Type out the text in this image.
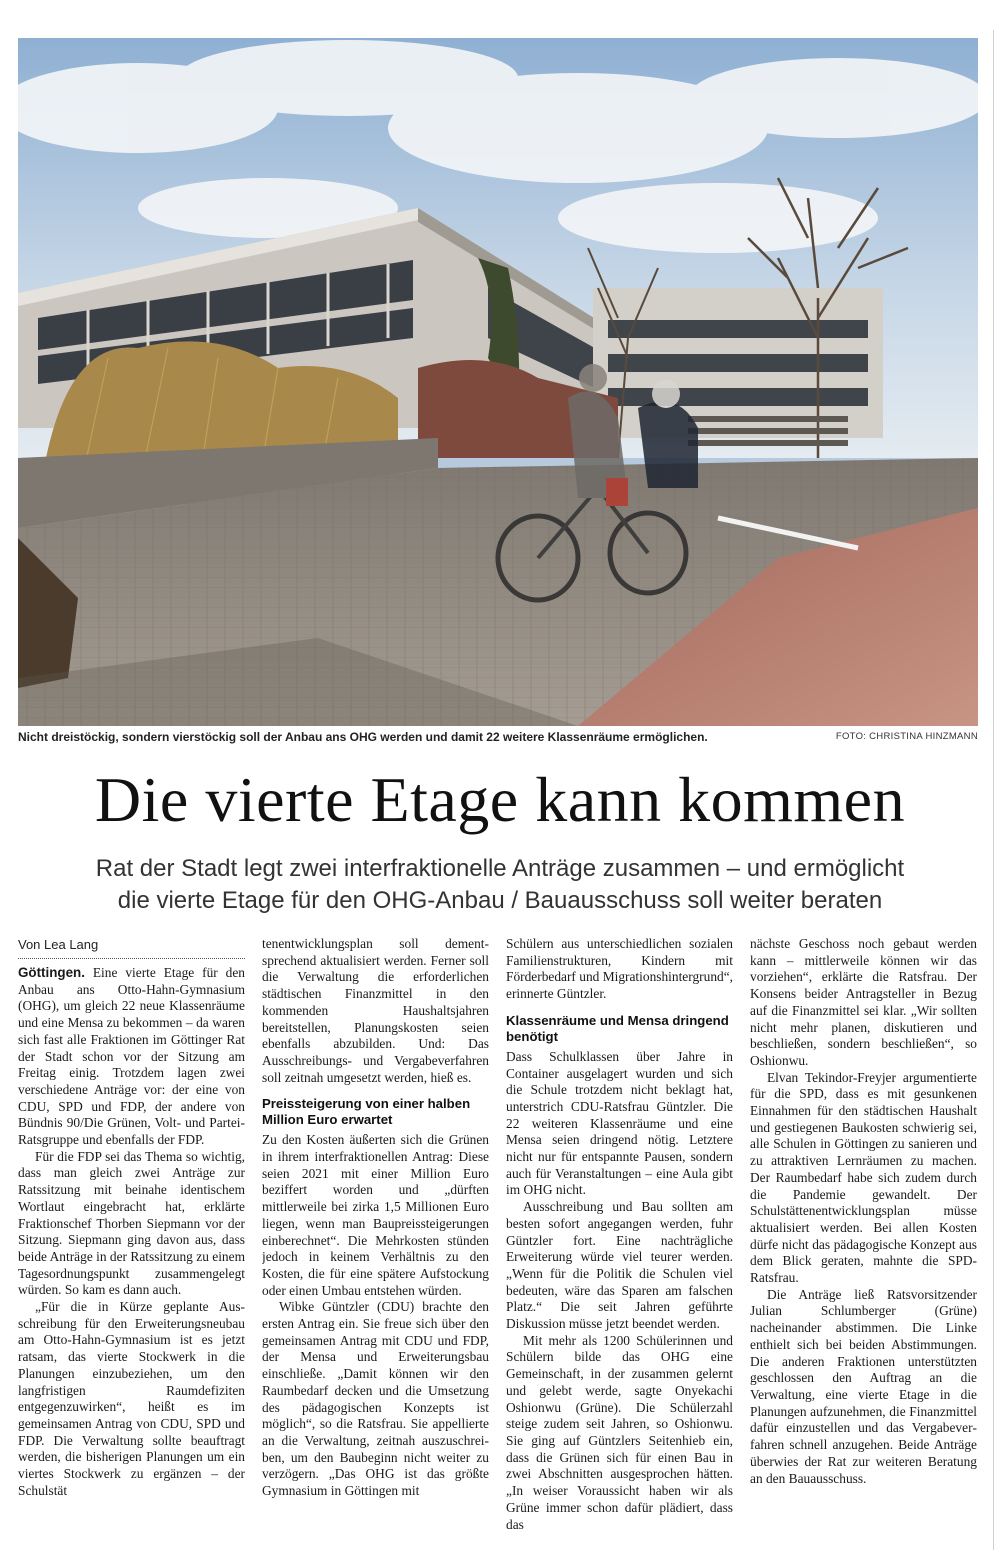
Nicht dreistöckig, sondern vierstöckig soll der Anbau ans OHG werden und damit 22 weitere Klassenräume ermöglichen.	FOTO: CHRISTINA HINZMANN
Die vierte Etage kann kommen
Rat der Stadt legt zwei interfraktionelle Anträge zusammen – und ermöglicht
die vierte Etage für den OHG-Anbau / Bauausschuss soll weiter beraten
Von Lea Lang

Göttingen. Eine vierte Etage für den Anbau ans Otto-Hahn-Gymnasium (OHG), um gleich 22 neue Klassenräume und eine Mensa zu bekommen – da waren sich fast alle Fraktionen im Göttinger Rat der Stadt schon vor der Sitzung am Freitag einig. Trotzdem lagen zwei verschiedene Anträge vor: der eine von CDU, SPD und FDP, der andere von Bündnis 90/Die Grünen, Volt- und Partei-Ratsgruppe und ebenfalls der FDP.

Für die FDP sei das Thema so wichtig, dass man gleich zwei Anträge zur Ratssitzung mit beinahe identischem Wortlaut eingebracht hat, erklärte Fraktionschef Thorben Siepmann vor der Sitzung. Siepmann ging davon aus, dass beide Anträge in der Ratssitzung zu einem Tagesordnungspunkt zusammengelegt würden. So kam es dann auch.

„Für die in Kürze geplante Ausschreibung für den Erweiterungsneubau am Otto-Hahn-Gymnasium ist es jetzt ratsam, das vierte Stockwerk in die Planungen einzubeziehen, um den langfristigen Raumdefiziten entgegenzuwirken“, heißt es im gemeinsamen Antrag von CDU, SPD und FDP. Die Verwaltung sollte beauftragt werden, die bisherigen Planungen um ein viertes Stockwerk zu ergänzen – der Schulstät

tenentwicklungsplan soll dementsprechend aktualisiert werden. Ferner soll die Verwaltung die erforderlichen städtischen Finanzmittel in den kommenden Haushaltsjahren bereitstellen, Planungskosten seien ebenfalls abzubilden. Und: Das Ausschreibungs- und Vergabeverfahren soll zeitnah umgesetzt werden, hieß es.

Preissteigerung von einer halben Million Euro erwartet

Zu den Kosten äußerten sich die Grünen in ihrem interfraktionellen Antrag: Diese seien 2021 mit einer Million Euro beziffert worden und „dürften mittlerweile bei zirka 1,5 Millionen Euro liegen, wenn man Baupreissteigerungen einberechnet“. Die Mehrkosten stünden jedoch in keinem Verhältnis zu den Kosten, die für eine spätere Aufstockung oder einen Umbau entstehen würden.

Wibke Güntzler (CDU) brachte den ersten Antrag ein. Sie freue sich über den gemeinsamen Antrag mit CDU und FDP, der Mensa und Erweiterungsbau einschließe. „Damit können wir den Raumbedarf decken und die Umsetzung des pädagogischen Konzepts ist möglich“, so die Ratsfrau. Sie appellierte an die Verwaltung, zeitnah auszuschreiben, um den Baubeginn nicht weiter zu verzögern. „Das OHG ist das größte Gymnasium in Göttingen mit

Schülern aus unterschiedlichen sozialen Familienstrukturen, Kindern mit Förderbedarf und Migrationshintergrund“, erinnerte Güntzler.

Klassenräume und Mensa dringend benötigt

Dass Schulklassen über Jahre in Container ausgelagert wurden und sich die Schule trotzdem nicht beklagt hat, unterstrich CDU-Ratsfrau Güntzler. Die 22 weiteren Klassenräume und eine Mensa seien dringend nötig. Letztere nicht nur für entspannte Pausen, sondern auch für Veranstaltungen – eine Aula gibt im OHG nicht.

Ausschreibung und Bau sollten am besten sofort angegangen werden, fuhr Güntzler fort. Eine nachträgliche Erweiterung würde viel teurer werden. „Wenn für die Politik die Schulen viel bedeuten, wäre das Sparen am falschen Platz.“ Die seit Jahren geführte Diskussion müsse jetzt beendet werden.

Mit mehr als 1200 Schülerinnen und Schülern bilde das OHG eine Gemeinschaft, in der zusammen gelernt und gelebt werde, sagte Onyekachi Oshionwu (Grüne). Die Schülerzahl steige zudem seit Jahren, so Oshionwu. Sie ging auf Güntzlers Seitenhieb ein, dass die Grünen sich für einen Bau in zwei Abschnitten ausgesprochen hätten. „In weiser Voraussicht haben wir als Grüne immer schon dafür plädiert, dass das

nächste Geschoss noch gebaut werden kann – mittlerweile können wir das vorziehen“, erklärte die Ratsfrau. Der Konsens beider Antragsteller in Bezug auf die Finanzmittel sei klar. „Wir sollten nicht mehr planen, diskutieren und beschließen, sondern beschließen“, so Oshionwu.

Elvan Tekindor-Freyjer argumentierte für die SPD, dass es mit gesunkenen Einnahmen für den städtischen Haushalt und gestiegenen Baukosten schwierig sei, alle Schulen in Göttingen zu sanieren und zu attraktiven Lernräumen zu machen. Der Raumbedarf habe sich zudem durch die Pandemie gewandelt. Der Schulstättenentwicklungsplan müsse aktualisiert werden. Bei allen Kosten dürfe nicht das pädagogische Konzept aus dem Blick geraten, mahnte die SPD-Ratsfrau.

Die Anträge ließ Ratsvorsitzender Julian Schlumberger (Grüne) nacheinander abstimmen. Die Linke enthielt sich bei beiden Abstimmungen. Die anderen Fraktionen unterstützten geschlossen den Auftrag an die Verwaltung, eine vierte Etage in die Planungen aufzunehmen, die Finanzmittel dafür einzustellen und das Vergabeverfahren schnell anzugehen. Beide Anträge überwies der Rat zur weiteren Beratung an den Bauausschuss.
